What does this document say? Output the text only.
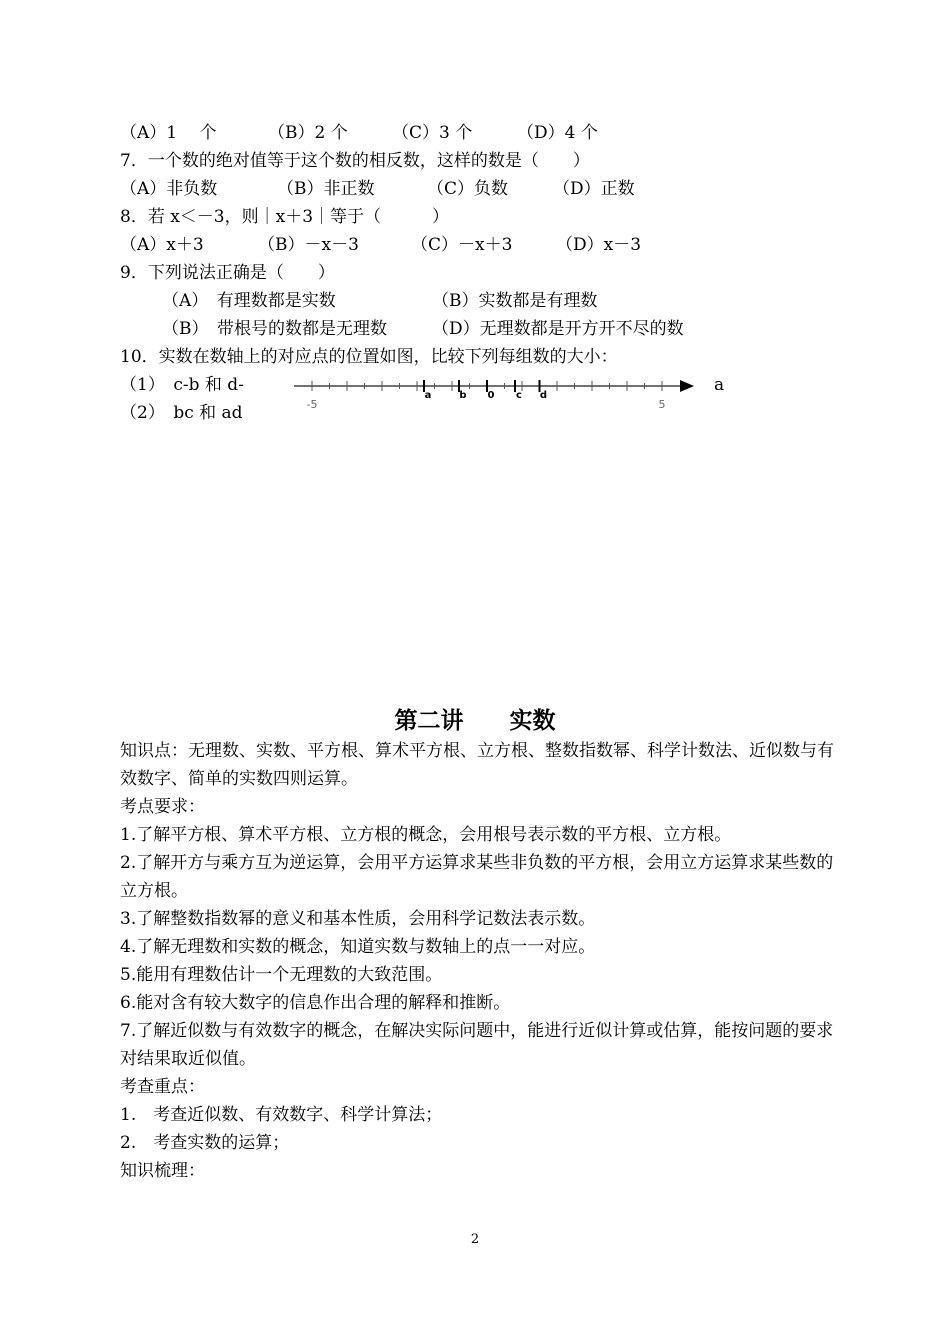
（A）1　 个	（B）2 个	（C）3 个	（D）4 个
7．一个数的绝对值等于这个数的相反数，这样的数是（　　）
（A）非负数	（B）非正数	（C）负数	（D）正数
8．若 x＜－3，则｜x＋3｜等于（　　　）
（A）x＋3	（B）－x－3	（C）－x＋3	（D）x－3
9．下列说法正确是（　　）
（A）　有理数都是实数	（B）实数都是有理数
（B）　带根号的数都是无理数	（D）无理数都是开方开不尽的数
10．实数在数轴上的对应点的位置如图，比较下列每组数的大小：
（1）　c-b 和 d-	a
（2）　bc 和 ad
a	b 0 c d
-5	5
第二讲　　实数
知识点：无理数、实数、平方根、算术平方根、立方根、整数指数幂、科学计数法、近似数与有效数字、简单的实数四则运算。
考点要求：
1.了解平方根、算术平方根、立方根的概念，会用根号表示数的平方根、立方根。
2.了解开方与乘方互为逆运算，会用平方运算求某些非负数的平方根，会用立方运算求某些数的立方根。
3.了解整数指数幂的意义和基本性质，会用科学记数法表示数。
4.了解无理数和实数的概念，知道实数与数轴上的点一一对应。
5.能用有理数估计一个无理数的大致范围。
6.能对含有较大数字的信息作出合理的解释和推断。
7.了解近似数与有效数字的概念，在解决实际问题中，能进行近似计算或估算，能按问题的要求对结果取近似值。
考查重点：
1.　考查近似数、有效数字、科学计算法；
2.　考查实数的运算；
知识梳理：
2
